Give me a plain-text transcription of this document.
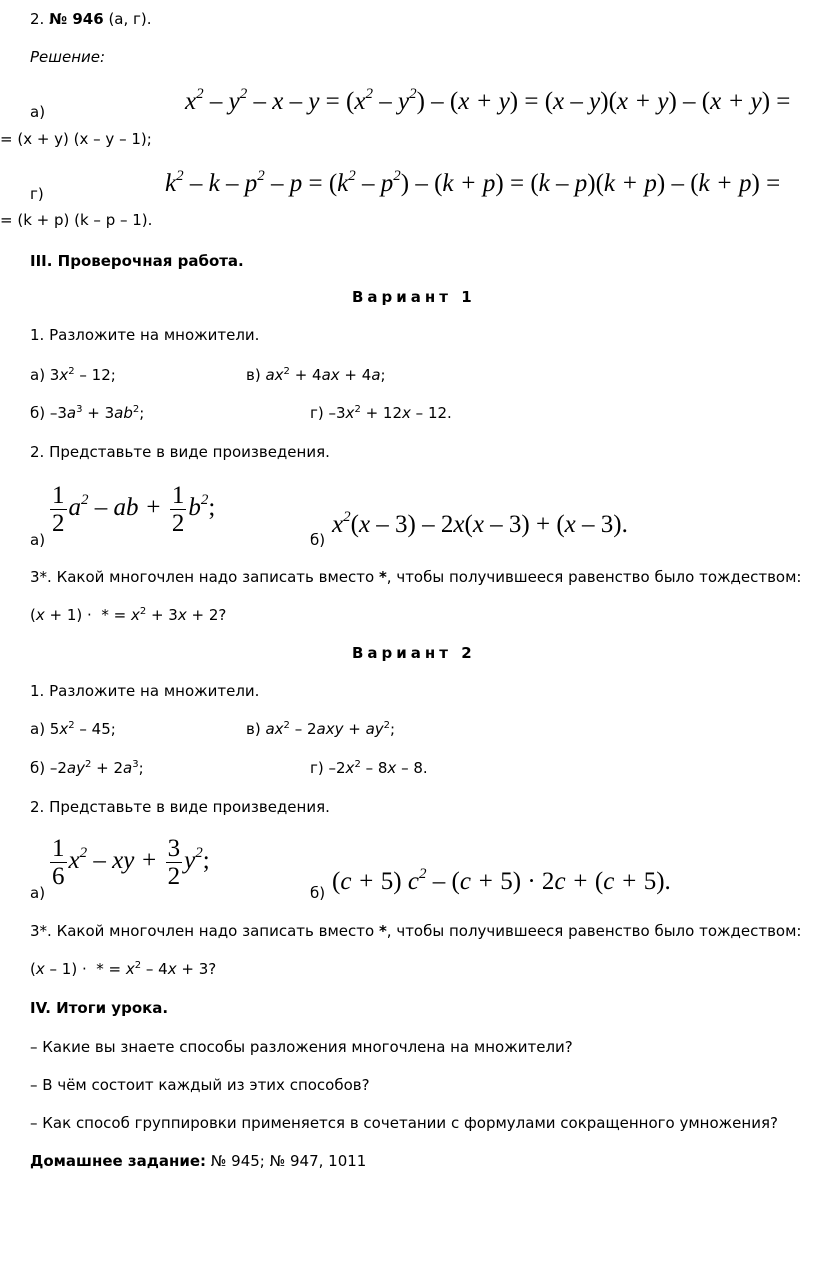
2. № 946 (а, г).
Решение:
а)	$x^2 - y^2 - x - y = (x^2 - y^2) - (x + y) = (x - y)(x + y) - (x + y)$ =
= (x + y) (x – y – 1);
г)	$k^2 - k - p^2 - p = (k^2 - p^2) - (k + p) = (k - p)(k + p) - (k + p)$ =
= (k + p) (k – p – 1).
III. Проверочная работа.
Вариант 1
1. Разложите на множители.
а) $3x^2 - 12$;	в) $ax^2 + 4ax + 4a$;
б) $-3a^3 + 3ab^2$;	г) $-3x^2 + 12x - 12$.
2. Представьте в виде произведения.
а)
$\frac{1}{2} a^2$ – ab + $\frac{1}{2} b^2$;
б)
$x^2(x - 3) - 2x(x - 3) + (x - 3)$.
3*. Какой многочлен надо записать вместо *, чтобы получившееся равенство было тождеством:
(x + 1) ·  * = $x^2 + 3x + 2$?
Вариант 2
1. Разложите на множители.
а) $5x^2 - 45$;	в) $ax^2 - 2axy + ay^2$;
б) $-2ay^2 + 2a^3$;	г) $-2x^2 - 8x - 8$.
2. Представьте в виде произведения.
а)
$\frac{1}{6} x^2$ – xy + $\frac{3}{2} y^2$;
б) (c + 5) $c^2 - (c + 5) \cdot 2c + (c + 5)$.
3*. Какой многочлен надо записать вместо *, чтобы получившееся равенство было тождеством:
(x – 1) ·  * = $x^2 - 4x + 3$?
IV. Итоги урока.
– Какие вы знаете способы разложения многочлена на множители?
– В чём состоит каждый из этих способов?
– Как способ группировки применяется в сочетании с формулами сокращенного умножения?
Домашнее задание: № 945; № 947, 1011
